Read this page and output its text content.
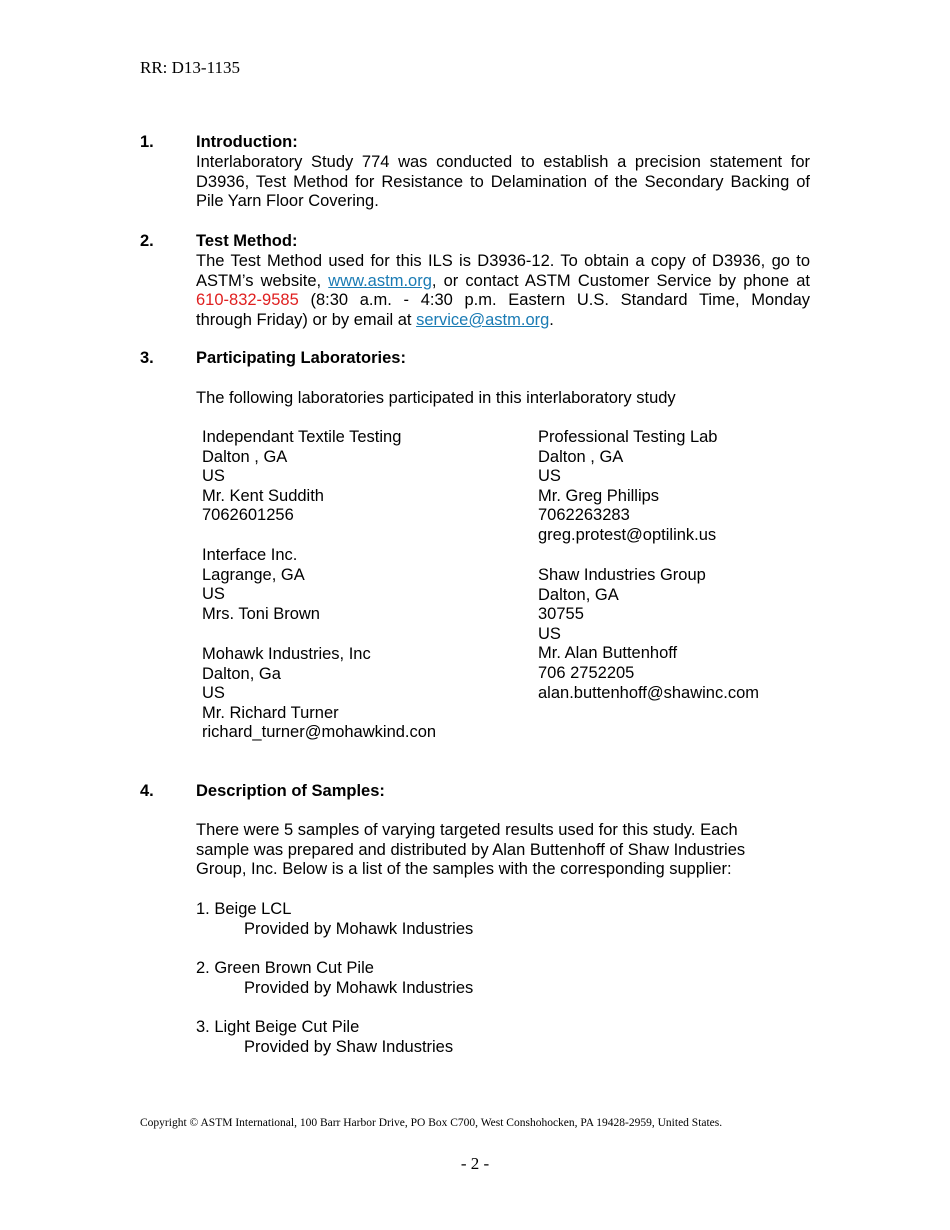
RR: D13-1135
1.	Introduction:
Interlaboratory Study 774 was conducted to establish a precision statement for
D3936, Test Method for Resistance to Delamination of the Secondary Backing of
Pile Yarn Floor Covering.
2.	Test Method:
The Test Method used for this ILS is D3936-12. To obtain a copy of D3936, go to
ASTM’s website, www.astm.org, or contact ASTM Customer Service by phone at
610-832-9585 (8:30 a.m. - 4:30 p.m. Eastern U.S. Standard Time, Monday
through Friday) or by email at service@astm.org.
3.	Participating Laboratories:
The following laboratories participated in this interlaboratory study
Independant Textile Testing
Dalton , GA
US
Mr. Kent Suddith
7062601256
Interface Inc.
Lagrange, GA
US
Mrs. Toni Brown
Mohawk Industries, Inc
Dalton, Ga
US
Mr. Richard Turner
richard_turner@mohawkind.con
Professional Testing Lab
Dalton , GA
US
Mr. Greg Phillips
7062263283
greg.protest@optilink.us
Shaw Industries Group
Dalton, GA
30755
US
Mr. Alan Buttenhoff
706 2752205
alan.buttenhoff@shawinc.com
4.	Description of Samples:
There were 5 samples of varying targeted results used for this study. Each
sample was prepared and distributed by Alan Buttenhoff of Shaw Industries
Group, Inc. Below is a list of the samples with the corresponding supplier:
1. Beige LCL
Provided by Mohawk Industries
2. Green Brown Cut Pile
Provided by Mohawk Industries
3. Light Beige Cut Pile
Provided by Shaw Industries
Copyright © ASTM International, 100 Barr Harbor Drive, PO Box C700, West Conshohocken, PA 19428-2959, United States.
- 2 -
